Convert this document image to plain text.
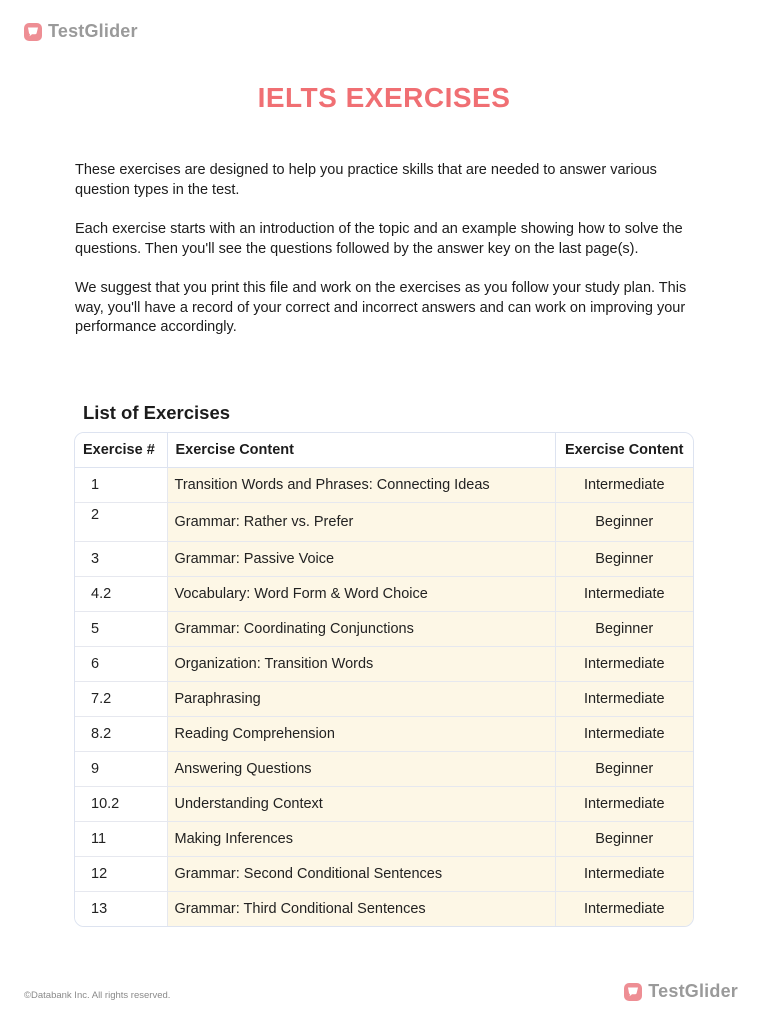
TestGlider
IELTS EXERCISES

These exercises are designed to help you practice skills that are needed to answer various question types in the test.

Each exercise starts with an introduction of the topic and an example showing how to solve the questions. Then you'll see the questions followed by the answer key on the last page(s).

We suggest that you print this file and work on the exercises as you follow your study plan. This way, you'll have a record of your correct and incorrect answers and can work on improving your performance accordingly.

List of Exercises
Exercise #	Exercise Content	Exercise Content
1	Transition Words and Phrases: Connecting Ideas	Intermediate
2	Grammar: Rather vs. Prefer	Beginner
3	Grammar: Passive Voice	Beginner
4.2	Vocabulary: Word Form & Word Choice	Intermediate
5	Grammar: Coordinating Conjunctions	Beginner
6	Organization: Transition Words	Intermediate
7.2	Paraphrasing	Intermediate
8.2	Reading Comprehension	Intermediate
9	Answering Questions	Beginner
10.2	Understanding Context	Intermediate
11	Making Inferences	Beginner
12	Grammar: Second Conditional Sentences	Intermediate
13	Grammar: Third Conditional Sentences	Intermediate
©Databank Inc. All rights reserved.	TestGlider
